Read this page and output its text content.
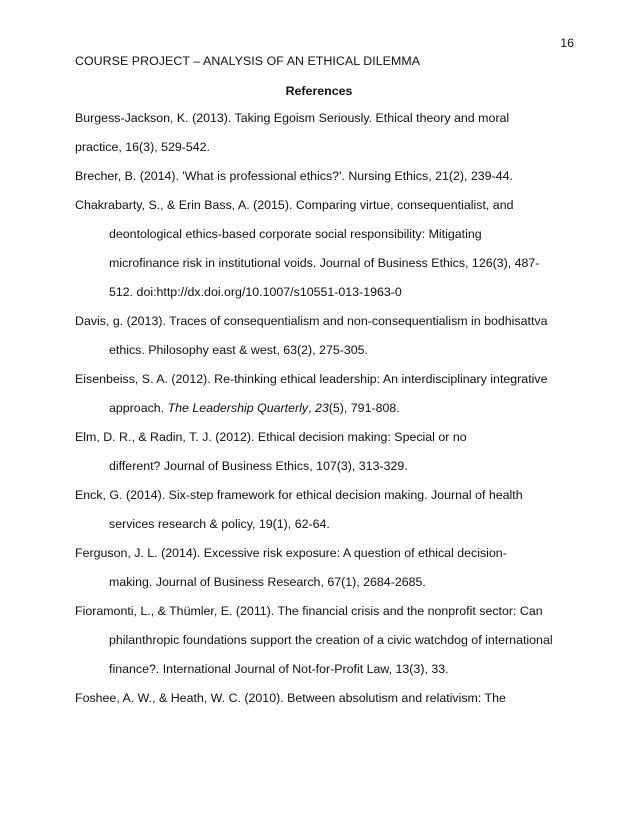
16
COURSE PROJECT – ANALYSIS OF AN ETHICAL DILEMMA
References
Burgess-Jackson, K. (2013). Taking Egoism Seriously. Ethical theory and moral
practice, 16(3), 529-542.
Brecher, B. (2014). 'What is professional ethics?'. Nursing Ethics, 21(2), 239-44.
Chakrabarty, S., & Erin Bass, A. (2015). Comparing virtue, consequentialist, and
deontological ethics-based corporate social responsibility: Mitigating
microfinance risk in institutional voids. Journal of Business Ethics, 126(3), 487-
512. doi:http://dx.doi.org/10.1007/s10551-013-1963-0
Davis, g. (2013). Traces of consequentialism and non-consequentialism in bodhisattva
ethics. Philosophy east & west, 63(2), 275-305.
Eisenbeiss, S. A. (2012). Re-thinking ethical leadership: An interdisciplinary integrative
approach. The Leadership Quarterly, 23(5), 791-808.
Elm, D. R., & Radin, T. J. (2012). Ethical decision making: Special or no
different? Journal of Business Ethics, 107(3), 313-329.
Enck, G. (2014). Six-step framework for ethical decision making. Journal of health
services research & policy, 19(1), 62-64.
Ferguson, J. L. (2014). Excessive risk exposure: A question of ethical decision-
making. Journal of Business Research, 67(1), 2684-2685.
Fioramonti, L., & Thümler, E. (2011). The financial crisis and the nonprofit sector: Can
philanthropic foundations support the creation of a civic watchdog of international
finance?. International Journal of Not-for-Profit Law, 13(3), 33.
Foshee, A. W., & Heath, W. C. (2010). Between absolutism and relativism: The
